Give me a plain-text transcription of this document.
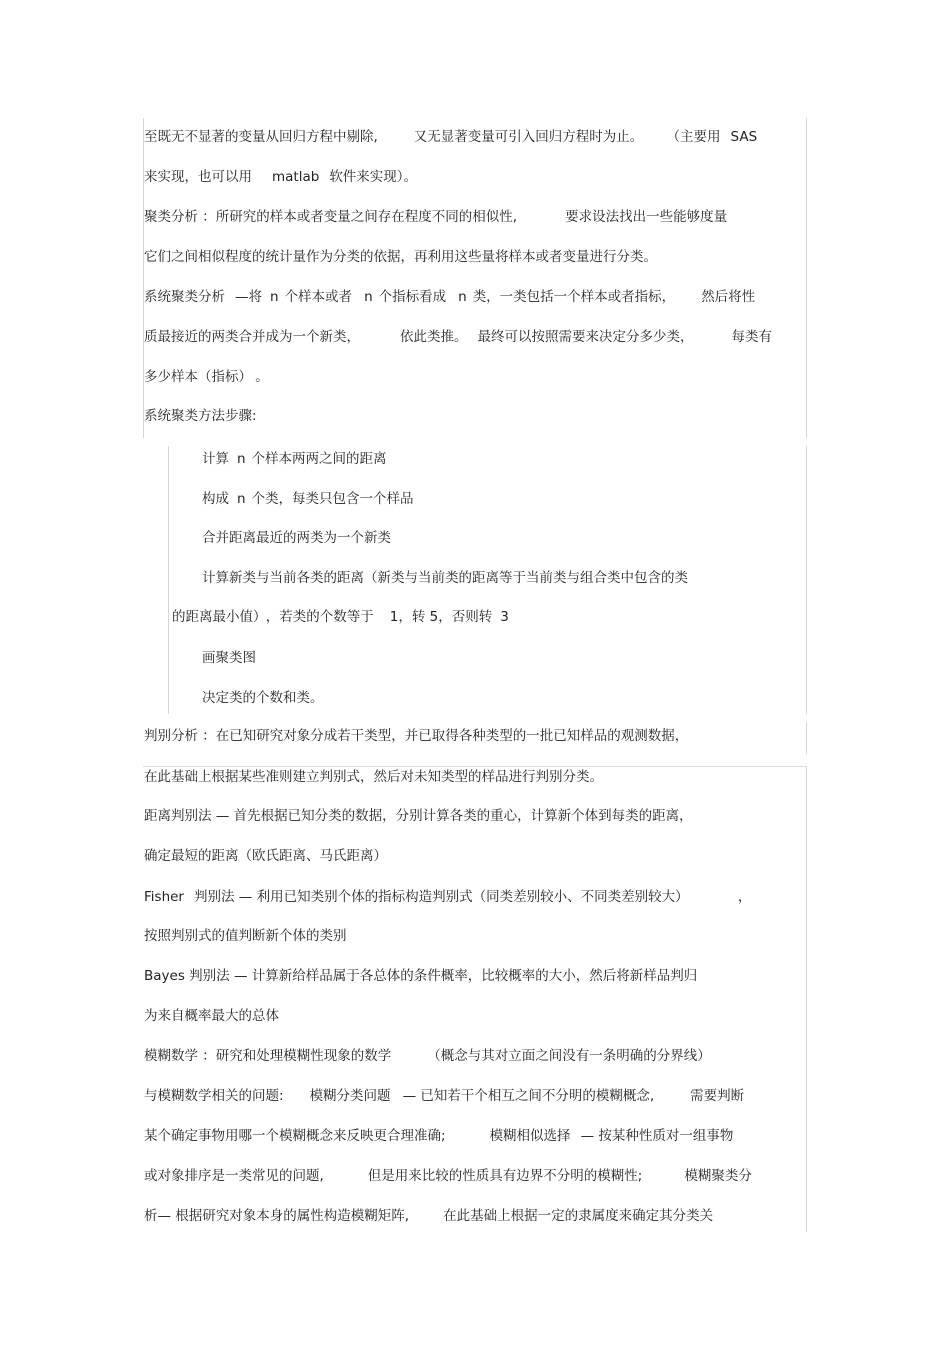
至既无不显著的变量从回归方程中剔除,	又无显著变量可引入回归方程时为止。 （主要用 SAS
来实现，也可以用 matlab 软件来实现）。
聚类分析 ：所研究的样本或者变量之间存在程度不同的相似性,	要求设法找出一些能够度量
它们之间相似程度的统计量作为分类的依据，再利用这些量将样本或者变量进行分类。
系统聚类分析 —将 n 个样本或者 n 个指标看成 n 类，一类包括一个样本或者指标， 然后将性
质最接近的两类合并成为一个新类，	依此类推。 最终可以按照需要来决定分多少类，	每类有
多少样本（指标） 。
系统聚类方法步骤:
计算 n 个样本两两之间的距离
构成 n 个类，每类只包含一个样品
合并距离最近的两类为一个新类
计算新类与当前各类的距离（新类与当前类的距离等于当前类与组合类中包含的类
的距离最小值） ，若类的个数等于 1，转 5，否则转 3
画聚类图
决定类的个数和类。
判别分析 ：在已知研究对象分成若干类型，并已取得各种类型的一批已知样品的观测数据，
在此基础上根据某些准则建立判别式，然后对未知类型的样品进行判别分类。
距离判别法 — 首先根据已知分类的数据，分别计算各类的重心，计算新个体到每类的距离，
确定最短的距离（欧氏距离、马氏距离）
Fisher 判别法 — 利用已知类别个体的指标构造判别式（同类差别较小、不同类差别较大）	，
按照判别式的值判断新个体的类别
Bayes 判别法 — 计算新给样品属于各总体的条件概率，比较概率的大小，然后将新样品判归
为来自概率最大的总体
模糊数学 ：研究和处理模糊性现象的数学	（概念与其对立面之间没有一条明确的分界线）
与模糊数学相关的问题: 模糊分类问题 — 已知若干个相互之间不分明的模糊概念,	需要判断
某个确定事物用哪一个模糊概念来反映更合理准确;	模糊相似选择 — 按某种性质对一组事物
或对象排序是一类常见的问题,	但是用来比较的性质具有边界不分明的模糊性;	模糊聚类分
析— 根据研究对象本身的属性构造模糊矩阵,	在此基础上根据一定的隶属度来确定其分类关
